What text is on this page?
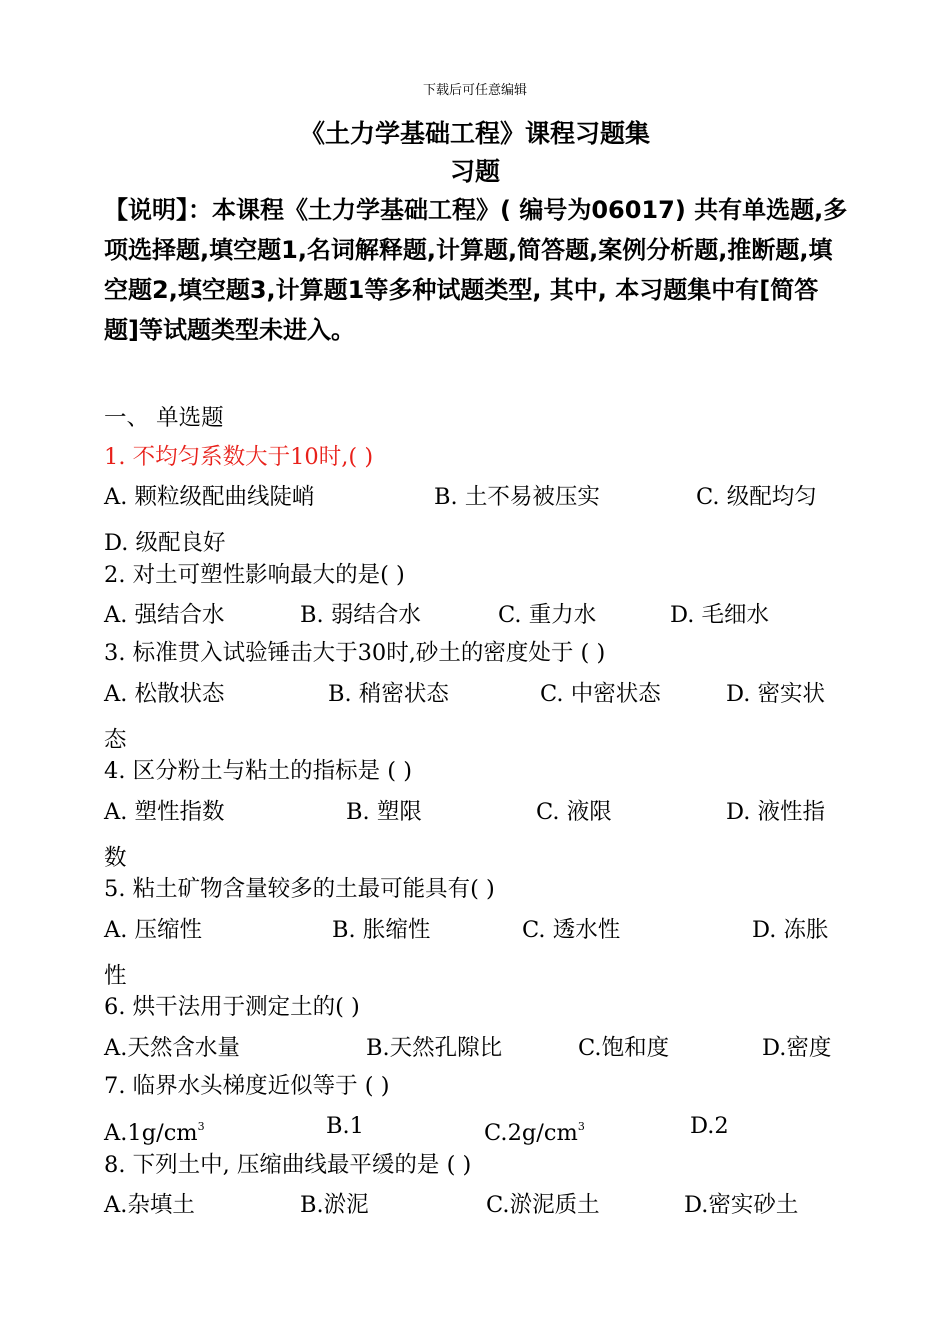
下载后可任意编辑
《土力学基础工程》课程习题集
习题
【说明】：本课程《土力学基础工程》( 编号为06017) 共有单选题,多项选择题,填空题1,名词解释题,计算题,简答题,案例分析题,推断题,填空题2,填空题3,计算题1等多种试题类型, 其中, 本习题集中有[简答题]等试题类型未进入。
一、 单选题
1. 不均匀系数大于10时,( )
A. 颗粒级配曲线陡峭	B. 土不易被压实	C. 级配均匀
D. 级配良好
2. 对土可塑性影响最大的是( )
A. 强结合水	B. 弱结合水	C. 重力水	D. 毛细水
3. 标准贯入试验锤击大于30时,砂土的密度处于 ( )
A. 松散状态	B. 稍密状态	C. 中密状态	D. 密实状
态
4. 区分粉土与粘土的指标是 ( )
A. 塑性指数	B. 塑限	C. 液限	D. 液性指
数
5. 粘土矿物含量较多的土最可能具有( )
A. 压缩性	B. 胀缩性	C. 透水性	D. 冻胀
性
6. 烘干法用于测定土的( )
A.天然含水量	B.天然孔隙比	C.饱和度	D.密度
7. 临界水头梯度近似等于 ( )
$A.1g/cm^3$	B.1	$C.2g/cm^3$	D.2
8. 下列土中, 压缩曲线最平缓的是 ( )
A.杂填土	B.淤泥	C.淤泥质土	D.密实砂土
